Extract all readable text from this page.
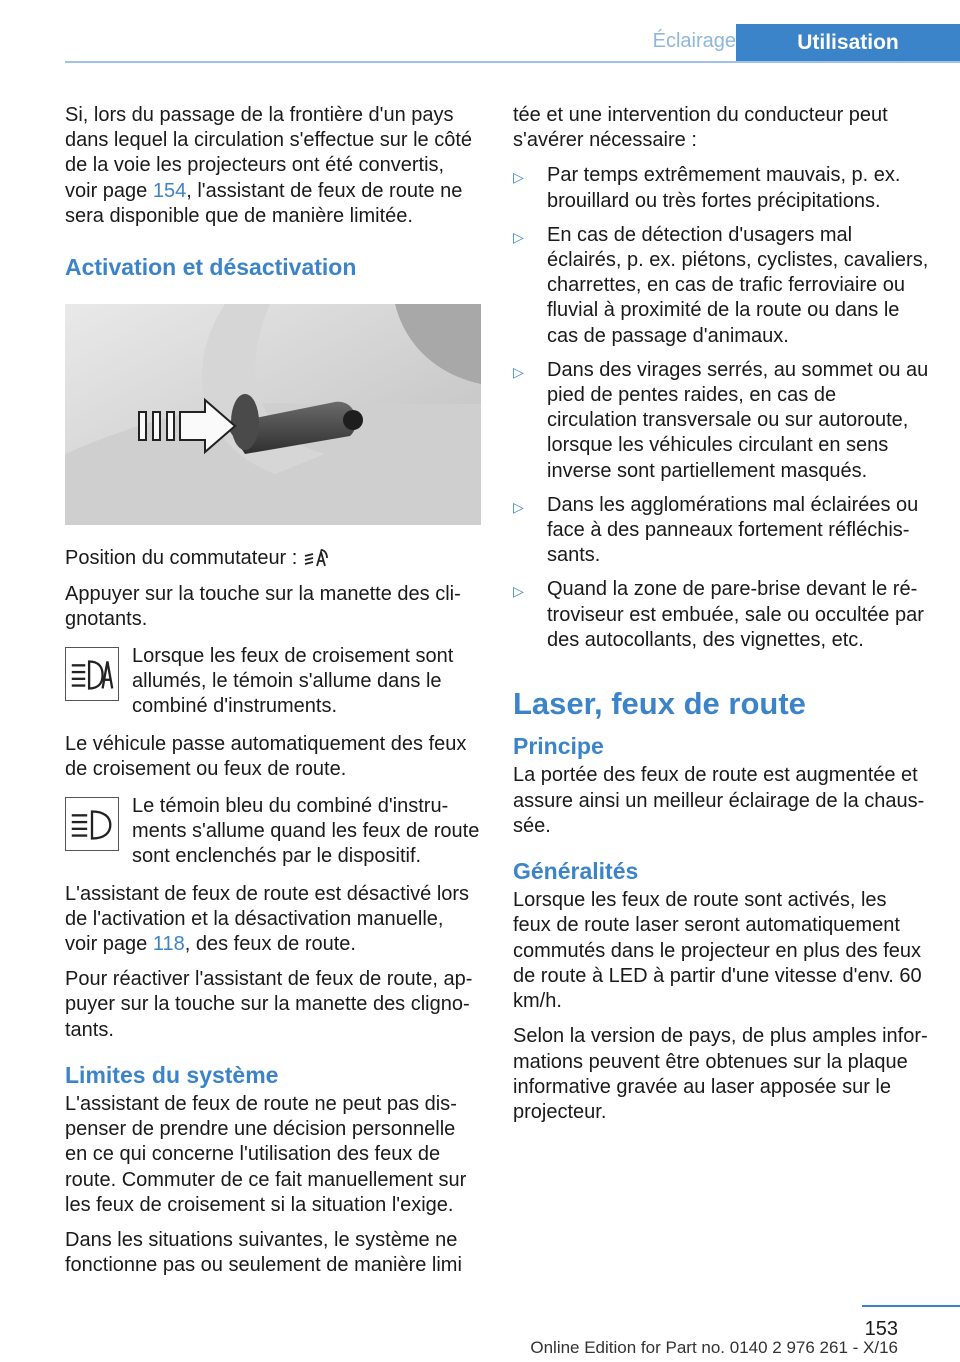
Éclairage	Utilisation

Si, lors du passage de la frontière d'un pays dans lequel la circulation s'effectue sur le côté de la voie les projecteurs ont été convertis, voir page 154, l'assistant de feux de route ne sera disponible que de manière limitée.

Activation et désactivation

Position du commutateur :

Appuyer sur la touche sur la manette des clignotants.

Lorsque les feux de croisement sont allumés, le témoin s'allume dans le combiné d'instruments.

Le véhicule passe automatiquement des feux de croisement ou feux de route.

Le témoin bleu du combiné d'instruments s'allume quand les feux de route sont enclenchés par le dispositif.

L'assistant de feux de route est désactivé lors de l'activation et la désactivation manuelle, voir page 118, des feux de route.

Pour réactiver l'assistant de feux de route, appuyer sur la touche sur la manette des clignotants.

Limites du système

L'assistant de feux de route ne peut pas dispenser de prendre une décision personnelle en ce qui concerne l'utilisation des feux de route. Commuter de ce fait manuellement sur les feux de croisement si la situation l'exige.

Dans les situations suivantes, le système ne fonctionne pas ou seulement de manière limi

tée et une intervention du conducteur peut s'avérer nécessaire :

▷ Par temps extrêmement mauvais, p. ex. brouillard ou très fortes précipitations.
▷ En cas de détection d'usagers mal éclairés, p. ex. piétons, cyclistes, cavaliers, charrettes, en cas de trafic ferroviaire ou fluvial à proximité de la route ou dans le cas de passage d'animaux.
▷ Dans des virages serrés, au sommet ou au pied de pentes raides, en cas de circulation transversale ou sur autoroute, lorsque les véhicules circulant en sens inverse sont partiellement masqués.
▷ Dans les agglomérations mal éclairées ou face à des panneaux fortement réfléchissants.
▷ Quand la zone de pare-brise devant le rétroviseur est embuée, sale ou occultée par des autocollants, des vignettes, etc.
Laser, feux de route
Principe

La portée des feux de route est augmentée et assure ainsi un meilleur éclairage de la chaussée.

Généralités

Lorsque les feux de route sont activés, les feux de route laser seront automatiquement commutés dans le projecteur en plus des feux de route à LED à partir d'une vitesse d'env. 60 km/h.

Selon la version de pays, de plus amples informations peuvent être obtenues sur la plaque informative gravée au laser apposée sur le projecteur.

153
Online Edition for Part no. 0140 2 976 261 - X/16
